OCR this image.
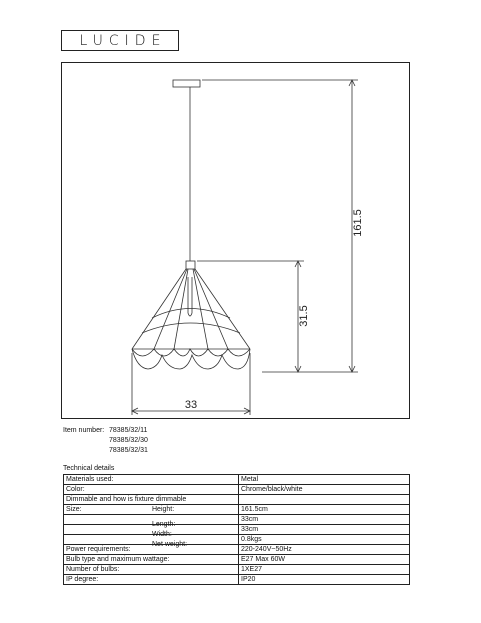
LUCIDE
161.5
31.5
33
Item number: 78385/32/11
78385/32/30
78385/32/31
Technical details
Materials used:	Metal

Color:	Chrome/black/white

Dimmable and how is fixture dimmable	

Size: Height:	161.5cm

Length:	33cm

Width:	33cm

Net weight:	0.8kgs

Power requirements:	220-240V~50Hz

Bulb type and maximum wattage:	E27 Max 60W

Number of bulbs:	1XE27

IP degree:	IP20
